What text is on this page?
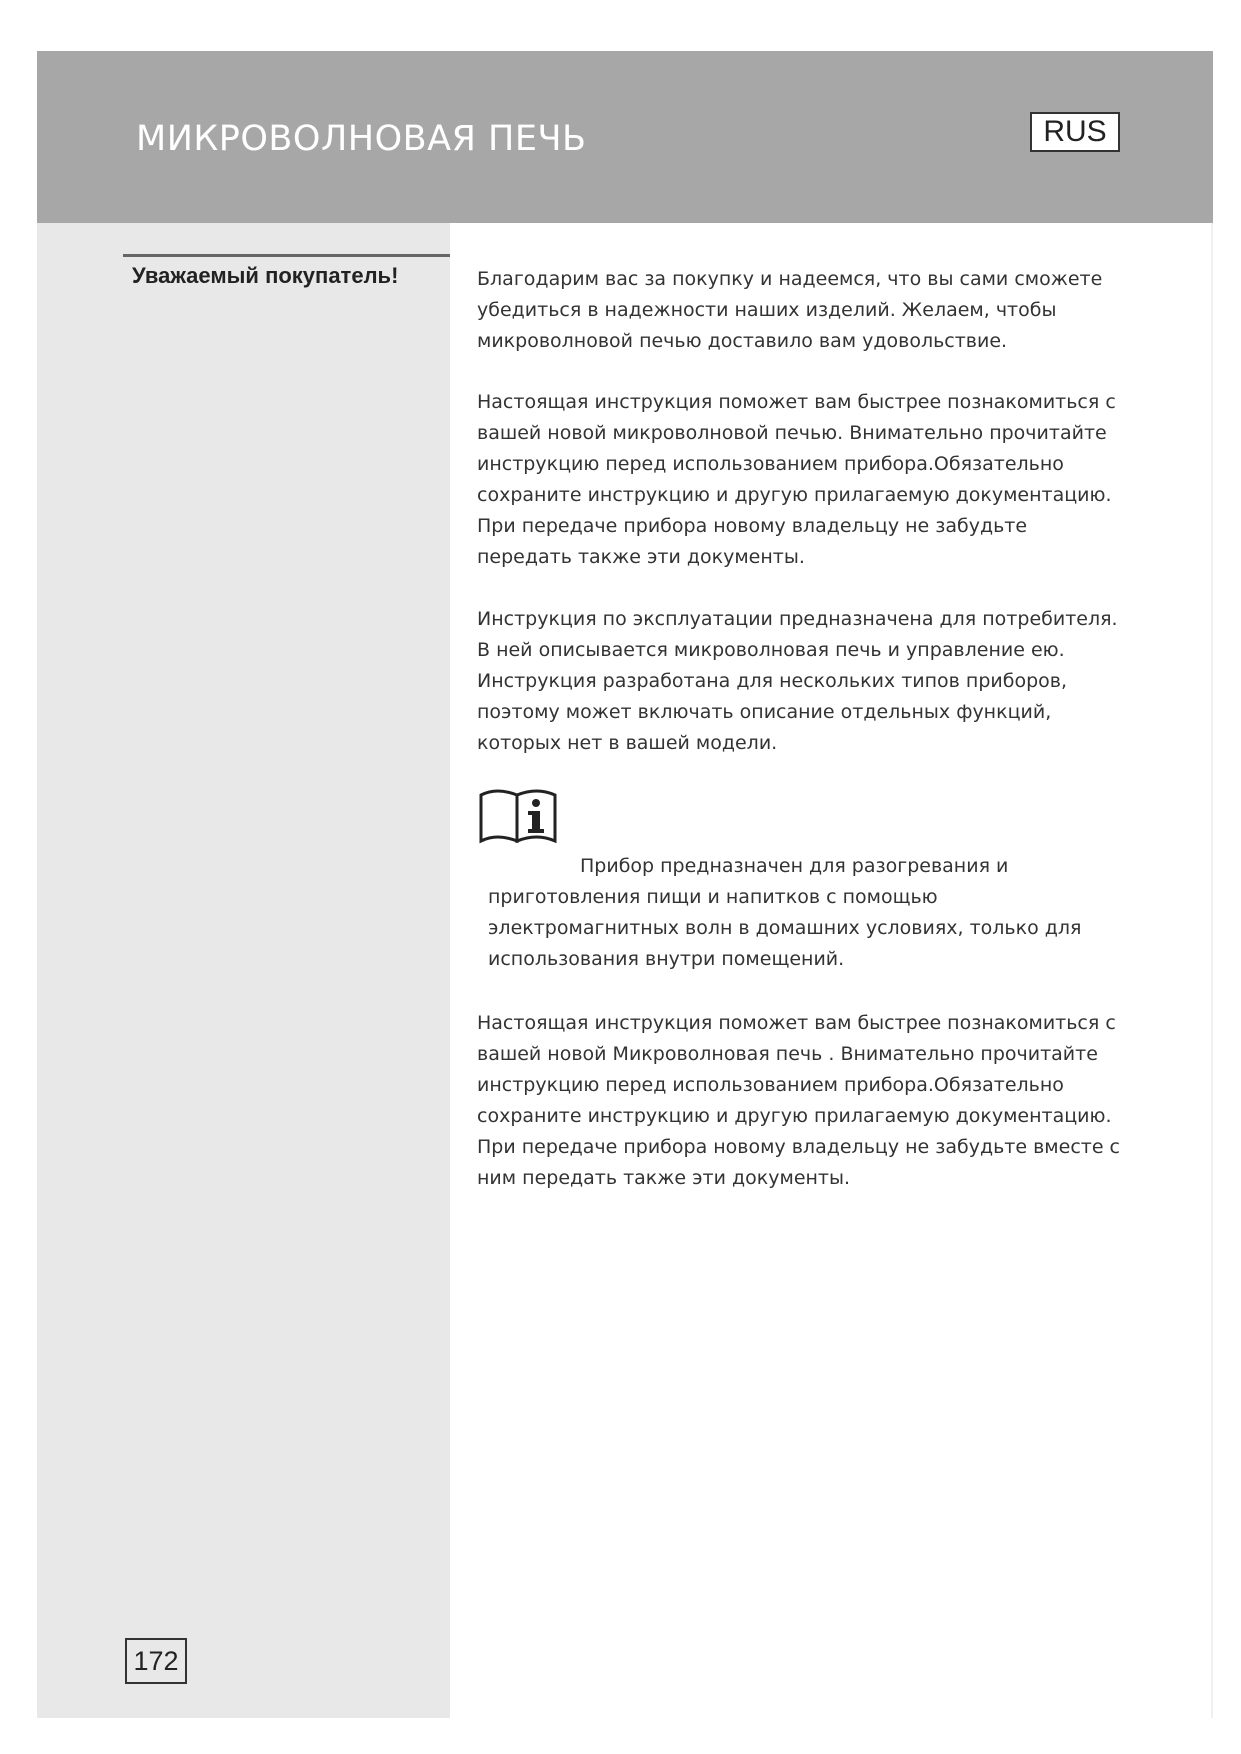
МИКРОВОЛНОВАЯ ПЕЧЬ	RUS
Уважаемый покупатель!
172

Благодарим вас за покупку и надеемся, что вы сами сможете убедиться в надежности наших изделий. Желаем, чтобы микроволновой печью доставило вам удовольствие.

Настоящая инструкция поможет вам быстрее познакомиться с вашей новой микроволновой печью. Внимательно прочитайте инструкцию перед использованием прибора.Обязательно сохраните инструкцию и другую прилагаемую документацию. При передаче прибора новому владельцу не забудьте передать также эти документы.

Инструкция по эксплуатации предназначена для потребителя. В ней описывается микроволновая печь и управление ею. Инструкция разработана для нескольких типов приборов, поэтому может включать описание отдельных функций, которых нет в вашей модели.

Прибор предназначен для разогревания и приготовления пищи и напитков с помощью электромагнитных волн в домашних условиях, только для использования внутри помещений.

Настоящая инструкция поможет вам быстрее познакомиться с вашей новой Микроволновая печь . Внимательно прочитайте инструкцию перед использованием прибора.Обязательно сохраните инструкцию и другую прилагаемую документацию. При передаче прибора новому владельцу не забудьте вместе с ним передать также эти документы.
